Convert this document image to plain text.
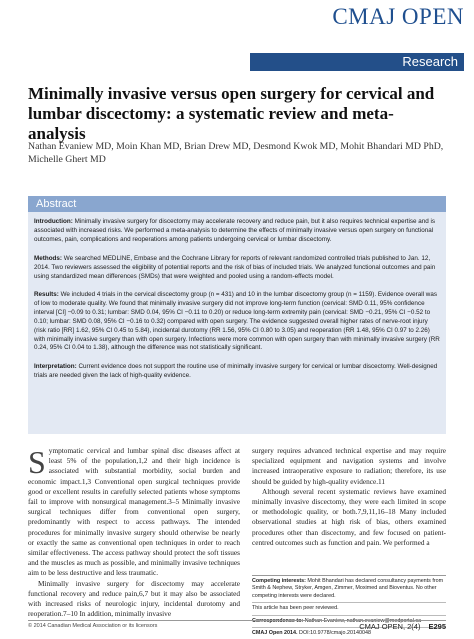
CMAJ OPEN
Research
Minimally invasive versus open surgery for cervical and lumbar discectomy: a systematic review and meta-analysis
Nathan Evaniew MD, Moin Khan MD, Brian Drew MD, Desmond Kwok MD, Mohit Bhandari MD PhD, Michelle Ghert MD
Abstract

Introduction: Minimally invasive surgery for discectomy may accelerate recovery and reduce pain, but it also requires technical expertise and is associated with increased risks. We performed a meta-analysis to determine the effects of minimally invasive versus open surgery on functional outcomes, pain, complications and reoperations among patients undergoing cervical or lumbar discectomy.

Methods: We searched MEDLINE, Embase and the Cochrane Library for reports of relevant randomized controlled trials published to Jan. 12, 2014. Two reviewers assessed the eligibility of potential reports and the risk of bias of included trials. We analyzed functional outcomes and pain using standardized mean differences (SMDs) that were weighted and pooled using a random-effects model.

Results: We included 4 trials in the cervical discectomy group (n = 431) and 10 in the lumbar discectomy group (n = 1159). Evidence overall was of low to moderate quality. We found that minimally invasive surgery did not improve long-term function (cervical: SMD 0.11, 95% confidence interval [CI] −0.09 to 0.31; lumbar: SMD 0.04, 95% CI −0.11 to 0.20) or reduce long-term extremity pain (cervical: SMD −0.21, 95% CI −0.52 to 0.10; lumbar: SMD 0.08, 95% CI −0.16 to 0.32) compared with open surgery. The evidence suggested overall higher rates of nerve-root injury (risk ratio [RR] 1.62, 95% CI 0.45 to 5.84), incidental durotomy (RR 1.56, 95% CI 0.80 to 3.05) and reoperation (RR 1.48, 95% CI 0.97 to 2.26) with minimally invasive surgery than with open surgery. Infections were more common with open surgery than with minimally invasive surgery (RR 0.24, 95% CI 0.04 to 1.38), although the difference was not statistically significant.

Interpretation: Current evidence does not support the routine use of minimally invasive surgery for cervical or lumbar discectomy. Well-designed trials are needed given the lack of high-quality evidence.

Symptomatic cervical and lumbar spinal disc diseases affect at least 5% of the population,1,2 and their high incidence is associated with substantial morbidity, social burden and economic impact.1,3 Conventional open surgical techniques provide good or excellent results in carefully selected patients whose symptoms fail to improve with nonsurgical management.3–5 Minimally invasive surgical techniques differ from conventional open surgery, predominantly with respect to access pathways. The intended procedures for minimally invasive surgery should otherwise be nearly or exactly the same as conventional open techniques in order to reach similar effectiveness. The access pathway should protect the soft tissues and the muscles as much as possible, and minimally invasive techniques aim to be less destructive and less traumatic.

Minimally invasive surgery for discectomy may accelerate functional recovery and reduce pain,6,7 but it may also be associated with increased risks of neurologic injury, incidental durotomy and reoperation.7–10 In addition, minimally invasive

surgery requires advanced technical expertise and may require specialized equipment and navigation systems and involve increased intraoperative exposure to radiation; therefore, its use should be guided by high-quality evidence.11

Although several recent systematic reviews have examined minimally invasive discectomy, they were each limited in scope or methodologic quality, or both.7,9,11,16–18 Many included observational studies at high risk of bias, others examined procedures other than discectomy, and few focused on patient-centred outcomes such as function and pain. We performed a

Competing interests: Mohit Bhandari has declared consultancy payments from Smith & Nephew, Stryker, Amgen, Zimmer, Moximed and Bioventus. No other competing interests were declared.
This article has been peer reviewed.
Correspondence to: Nathan Evaniew, nathan.evaniew@medportal.ca
CMAJ Open 2014. DOI:10.9778/cmajo.20140048
© 2014 Canadian Medical Association or its licensors	CMAJ OPEN, 2(4) E295
